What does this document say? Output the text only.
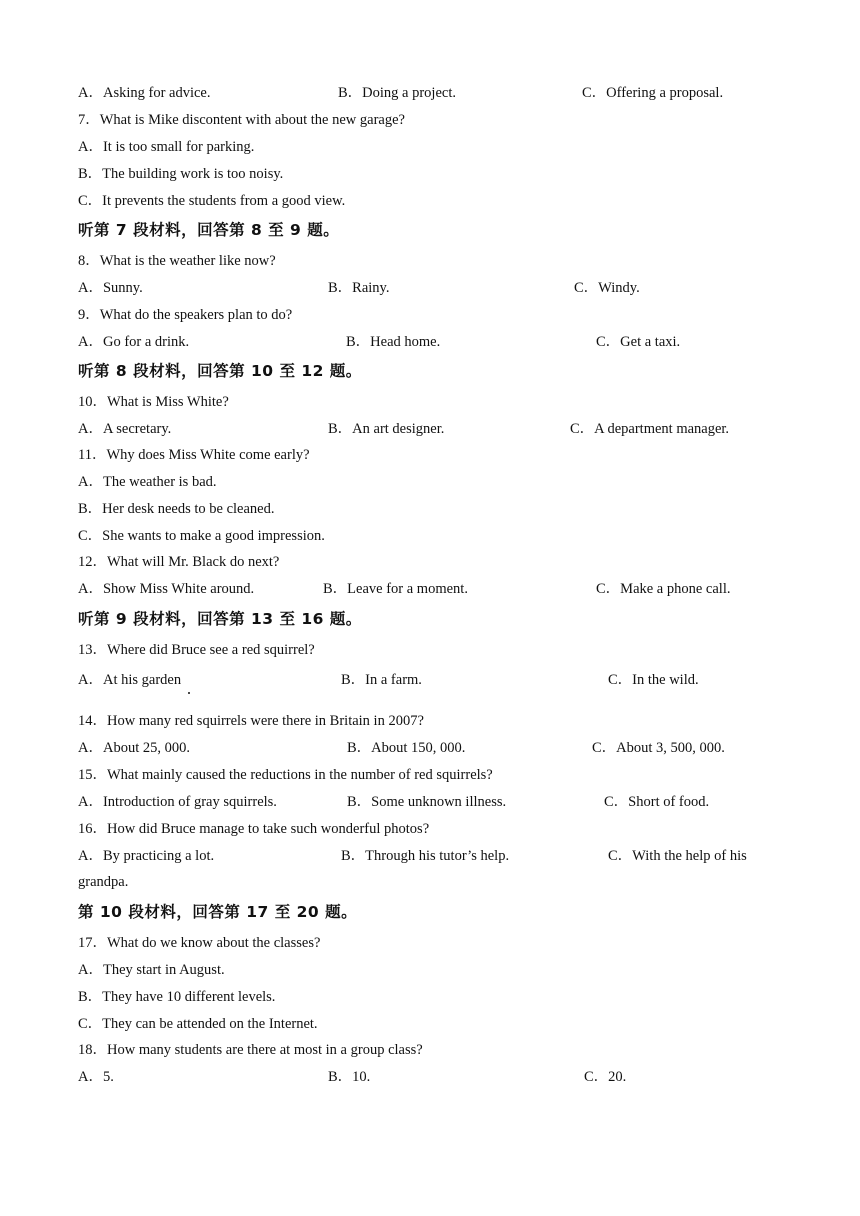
A．Asking for advice.	B．Doing a project.	C．Offering a proposal.
7．What is Mike discontent with about the new garage?
A．It is too small for parking.
B．The building work is too noisy.
C．It prevents the students from a good view.
听第 7 段材料，回答第 8 至 9 题。
8．What is the weather like now?
A．Sunny.	B．Rainy.	C．Windy.
9．What do the speakers plan to do?
A．Go for a drink.	B．Head home.	C．Get a taxi.
听第 8 段材料，回答第 10 至 12 题。
10．What is Miss White?
A．A secretary.	B．An art designer.	C．A department manager.
11．Why does Miss White come early?
A．The weather is bad.
B．Her desk needs to be cleaned.
C．She wants to make a good impression.
12．What will Mr. Black do next?
A．Show Miss White around.	B．Leave for a moment.	C．Make a phone call.
听第 9 段材料，回答第 13 至 16 题。
13．Where did Bruce see a red squirrel?
A．At his garden	B．In a farm.	C．In the wild.
14．How many red squirrels were there in Britain in 2007?
A．About 25, 000.	B．About 150, 000.	C．About 3, 500, 000.
15．What mainly caused the reductions in the number of red squirrels?
A．Introduction of gray squirrels.	B．Some unknown illness.	C．Short of food.
16．How did Bruce manage to take such wonderful photos?
A．By practicing a lot.	B．Through his tutor’s help.	C．With the help of his
grandpa.
第 10 段材料，回答第 17 至 20 题。
17．What do we know about the classes?
A．They start in August.
B．They have 10 different levels.
C．They can be attended on the Internet.
18．How many students are there at most in a group class?
A．5.	B．10.	C．20.
